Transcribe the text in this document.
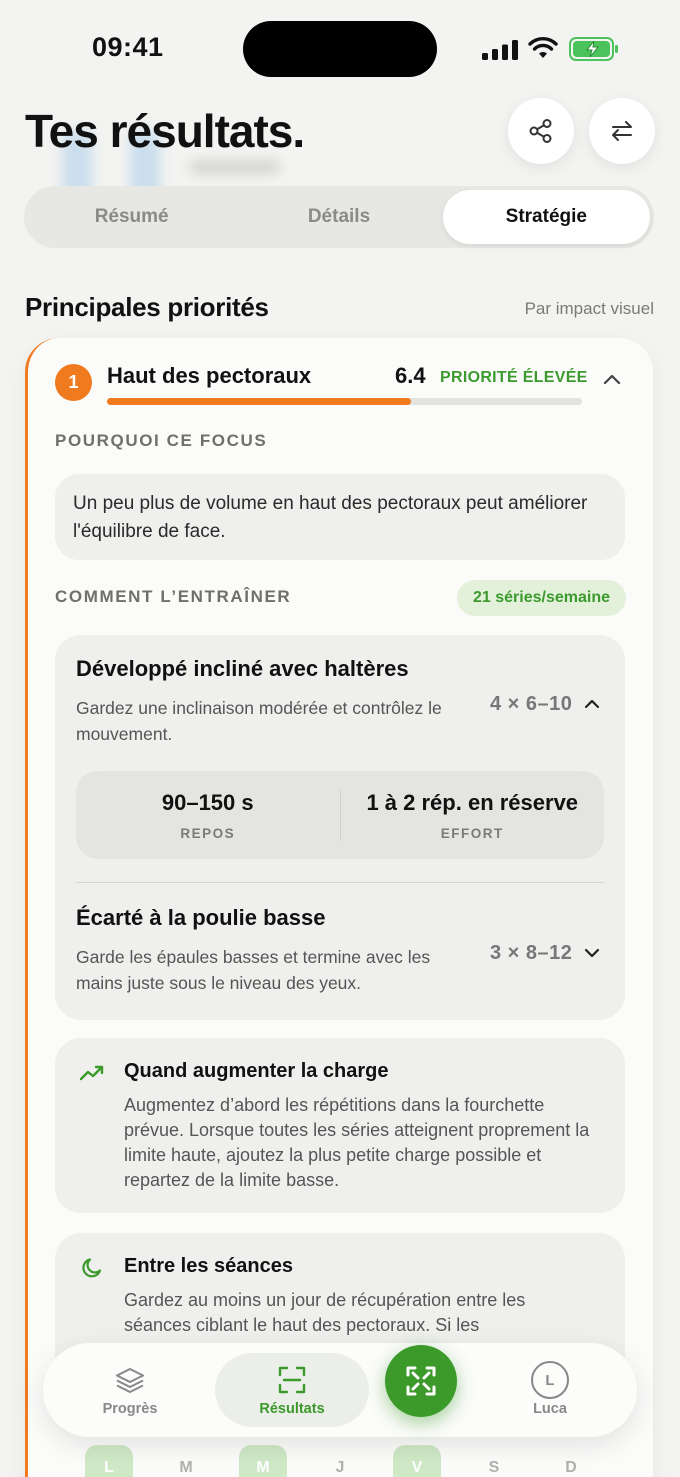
09:41
Tes résultats.
Résumé	Détails	Stratégie
Principales priorités	Par impact visuel
1	Haut des pectoraux	6.4 PRIORITÉ ÉLEVÉE
POURQUOI CE FOCUS
Un peu plus de volume en haut des pectoraux peut améliorer l'équilibre de face.
COMMENT L’ENTRAÎNER	21 séries/semaine
Développé incliné avec haltères
Gardez une inclinaison modérée et contrôlez le mouvement.
4 × 6–10
90–150 s
REPOS
1 à 2 rép. en réserve
EFFORT
Écarté à la poulie basse
Garde les épaules basses et termine avec les mains juste sous le niveau des yeux.
3 × 8–12
Quand augmenter la charge
Augmentez d’abord les répétitions dans la fourchette prévue. Lorsque toutes les séries atteignent proprement la limite haute, ajoutez la plus petite charge possible et repartez de la limite basse.
Entre les séances
Gardez au moins un jour de récupération entre les séances ciblant le haut des pectoraux. Si les
L	M	M	J	V	S	D
Progrès	Résultats
L
Luca
